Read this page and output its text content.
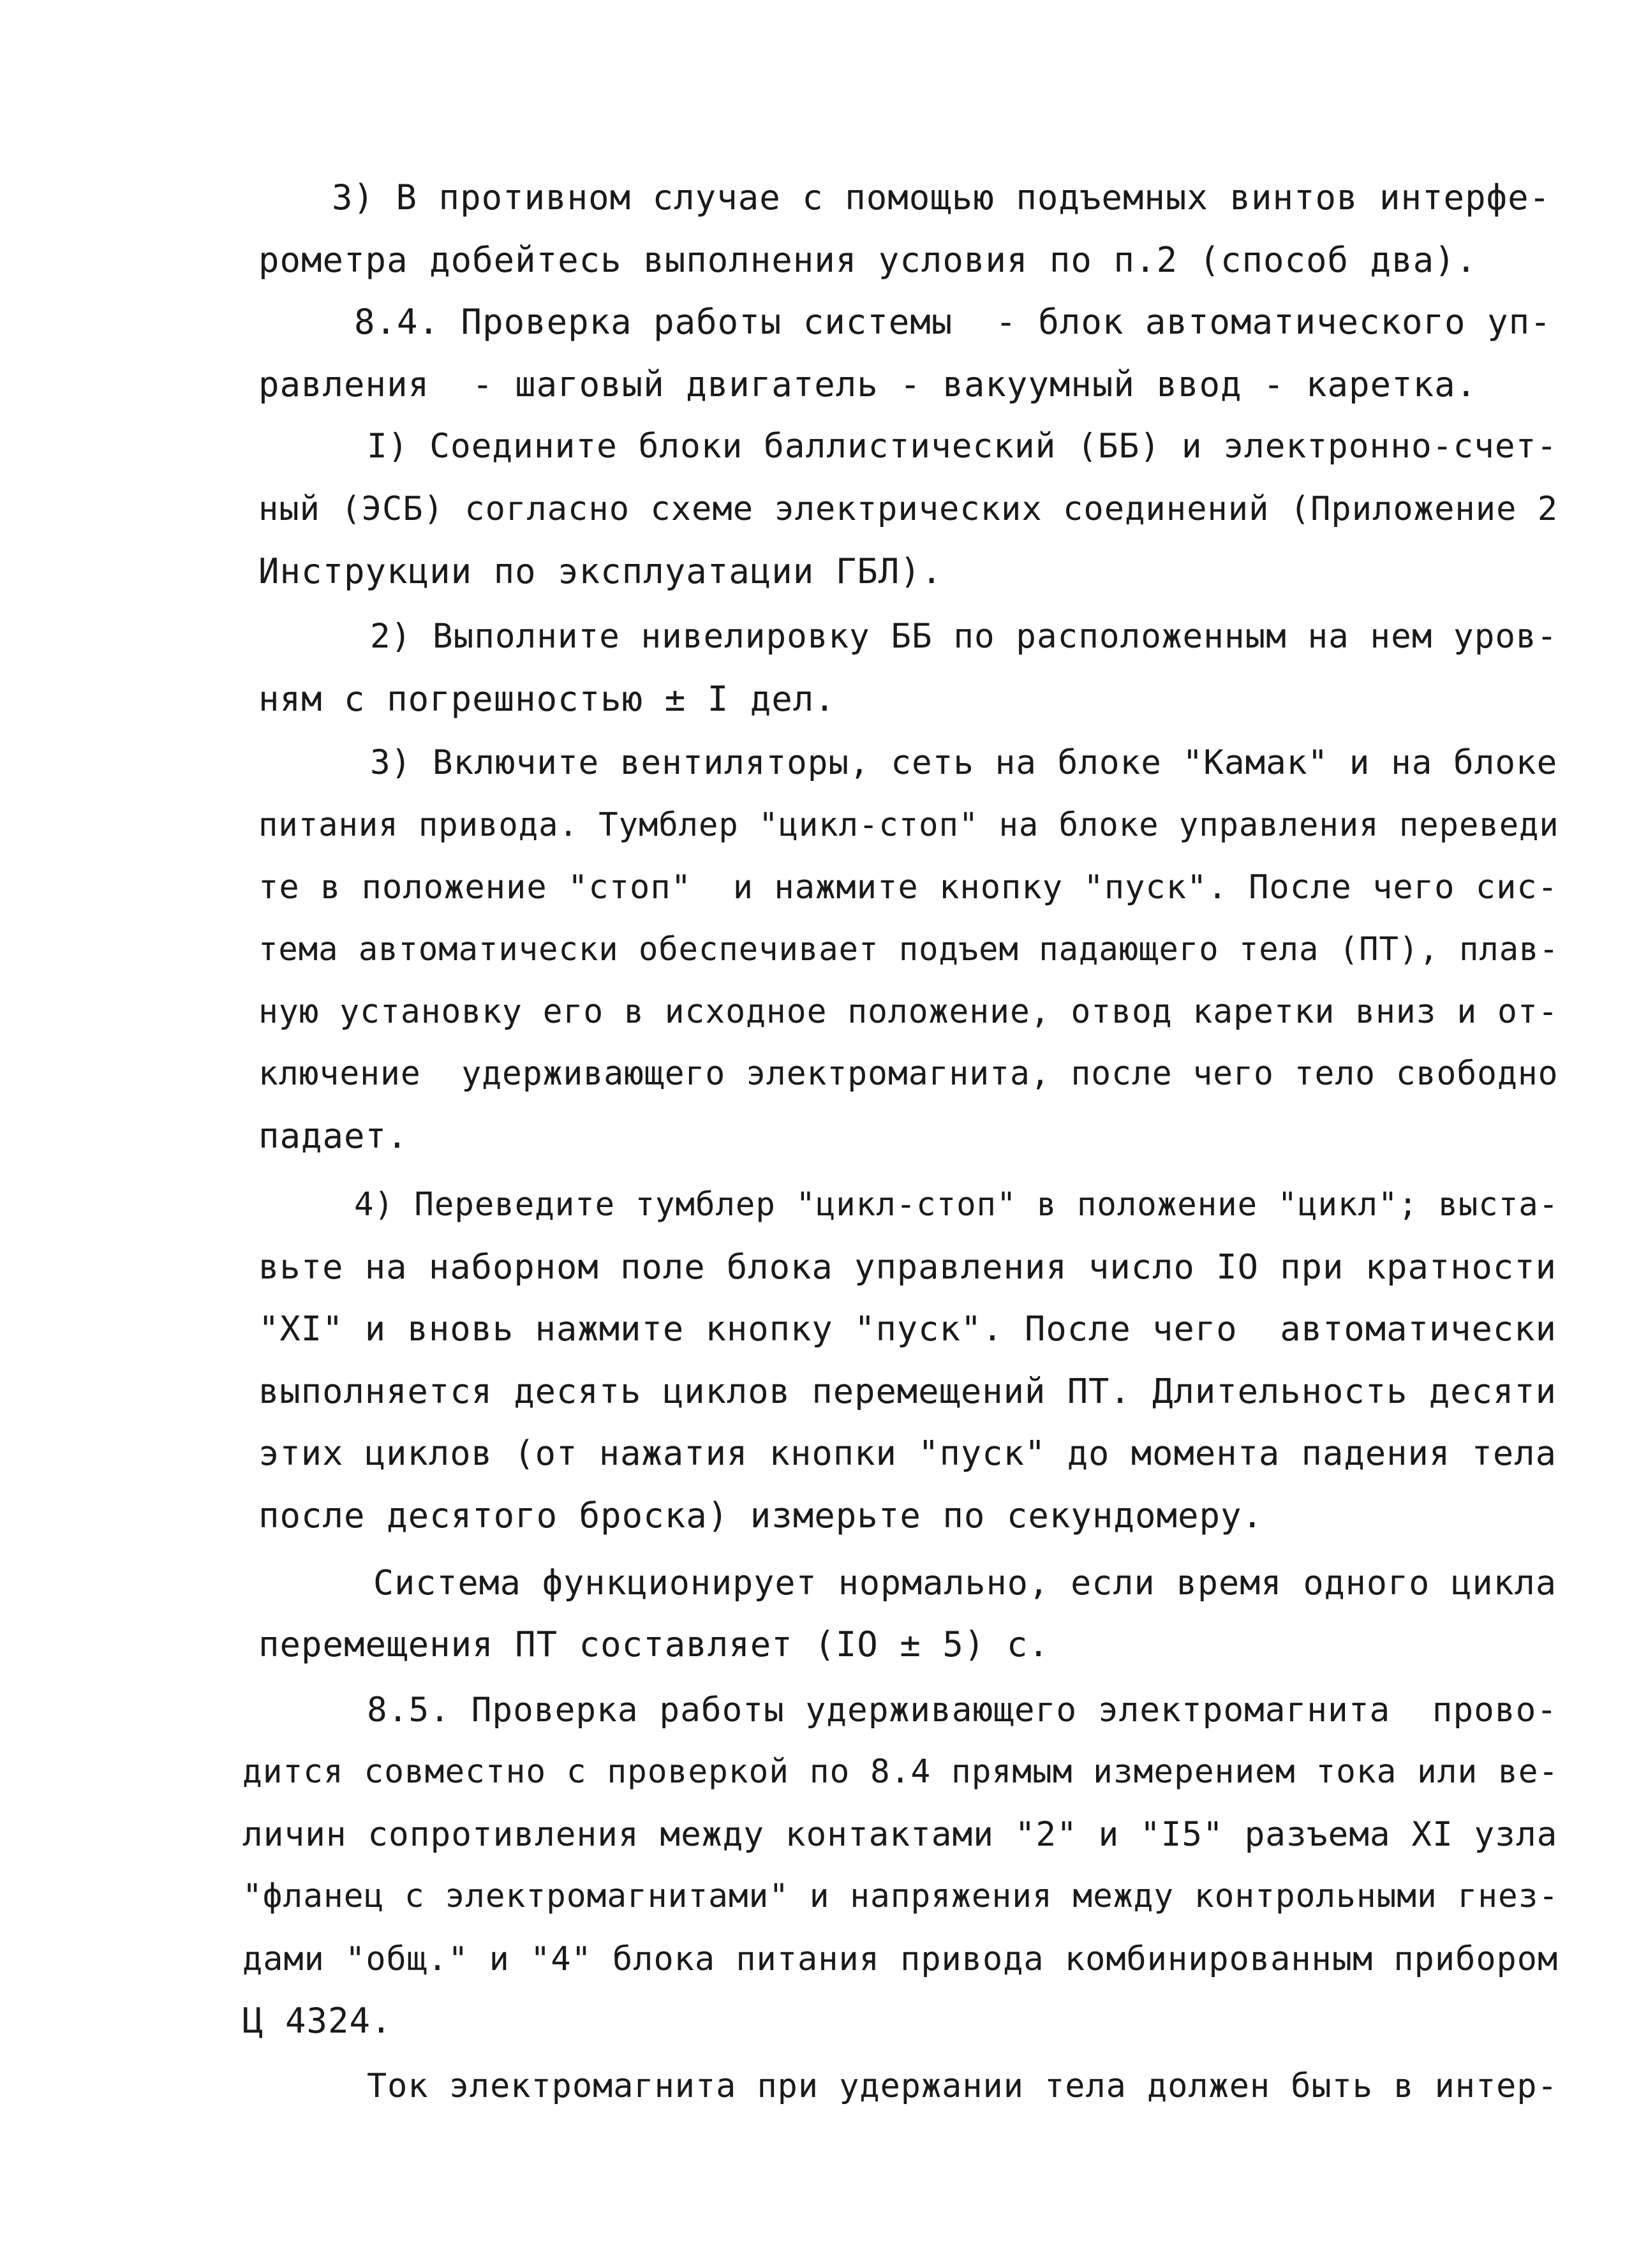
3) В противном случае с помощью подъемных винтов интерфе-
рометра добейтесь выполнения условия по п.2 (способ два).
8.4. Проверка работы системы  - блок автоматического уп-
равления  - шаговый двигатель - вакуумный ввод - каретка.
I) Соедините блоки баллистический (ББ) и электронно-счет-
ный (ЭСБ) согласно схеме электрических соединений (Приложение 2
Инструкции по эксплуатации ГБЛ).
2) Выполните нивелировку ББ по расположенным на нем уров-
ням с погрешностью ± I дел.
3) Включите вентиляторы, сеть на блоке "Камак" и на блоке
питания привода. Тумблер "цикл-стоп" на блоке управления переведи
те в положение "стоп"  и нажмите кнопку "пуск". После чего сис-
тема автоматически обеспечивает подъем падающего тела (ПТ), плав-
ную установку его в исходное положение, отвод каретки вниз и от-
ключение  удерживающего электромагнита, после чего тело свободно
падает.
4) Переведите тумблер "цикл-стоп" в положение "цикл"; выста-
вьте на наборном поле блока управления число IO при кратности
"XI" и вновь нажмите кнопку "пуск". После чего  автоматически
выполняется десять циклов перемещений ПТ. Длительность десяти
этих циклов (от нажатия кнопки "пуск" до момента падения тела
после десятого броска) измерьте по секундомеру.
Система функционирует нормально, если время одного цикла
перемещения ПТ составляет (IO ± 5) с.
8.5. Проверка работы удерживающего электромагнита  прово-
дится совместно с проверкой по 8.4 прямым измерением тока или ве-
личин сопротивления между контактами "2" и "I5" разъема XI узла
"фланец с электромагнитами" и напряжения между контрольными гнез-
дами "общ." и "4" блока питания привода комбинированным прибором
Ц 4324.
Ток электромагнита при удержании тела должен быть в интер-
